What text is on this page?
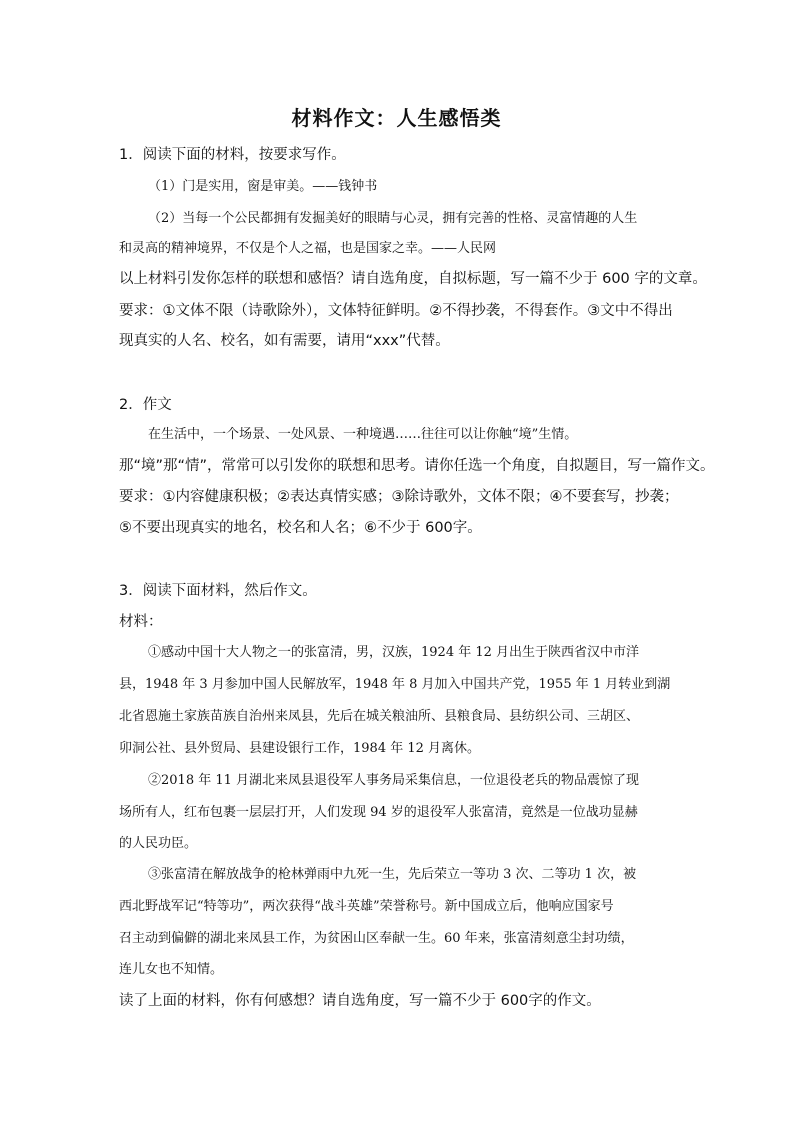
材料作文：人生感悟类
1．阅读下面的材料，按要求写作。
（1）门是实用，窗是审美。——钱钟书
（2）当每一个公民都拥有发掘美好的眼睛与心灵，拥有完善的性格、灵富情趣的人生
和灵高的精神境界，不仅是个人之福，也是国家之幸。——人民网
以上材料引发你怎样的联想和感悟？请自选角度，自拟标题，写一篇不少于 600 字的文章。
要求：①文体不限（诗歌除外），文体特征鲜明。②不得抄袭，不得套作。③文中不得出
现真实的人名、校名，如有需要，请用“xxx”代替。
2．作文
在生活中，一个场景、一处风景、一种境遇……往往可以让你触“境”生情。
那“境”那“情”，常常可以引发你的联想和思考。请你任选一个角度，自拟题目，写一篇作文。
要求：①内容健康积极；②表达真情实感；③除诗歌外，文体不限；④不要套写，抄袭；
⑤不要出现真实的地名，校名和人名；⑥不少于 600字。
3．阅读下面材料，然后作文。
材料：
①感动中国十大人物之一的张富清，男，汉族，1924 年 12 月出生于陕西省汉中市洋
县，1948 年 3 月参加中国人民解放军，1948 年 8 月加入中国共产党，1955 年 1 月转业到湖
北省恩施土家族苗族自治州来凤县，先后在城关粮油所、县粮食局、县纺织公司、三胡区、
卯洞公社、县外贸局、县建设银行工作，1984 年 12 月离休。
②2018 年 11 月湖北来凤县退役军人事务局采集信息，一位退役老兵的物品震惊了现
场所有人，红布包裹一层层打开，人们发现 94 岁的退役军人张富清，竟然是一位战功显赫
的人民功臣。
③张富清在解放战争的枪林弹雨中九死一生，先后荣立一等功 3 次、二等功 1 次，被
西北野战军记“特等功”，两次获得“战斗英雄”荣誉称号。新中国成立后，他响应国家号
召主动到偏僻的湖北来凤县工作，为贫困山区奉献一生。60 年来，张富清刻意尘封功绩，
连儿女也不知情。
读了上面的材料，你有何感想？请自选角度，写一篇不少于 600字的作文。
